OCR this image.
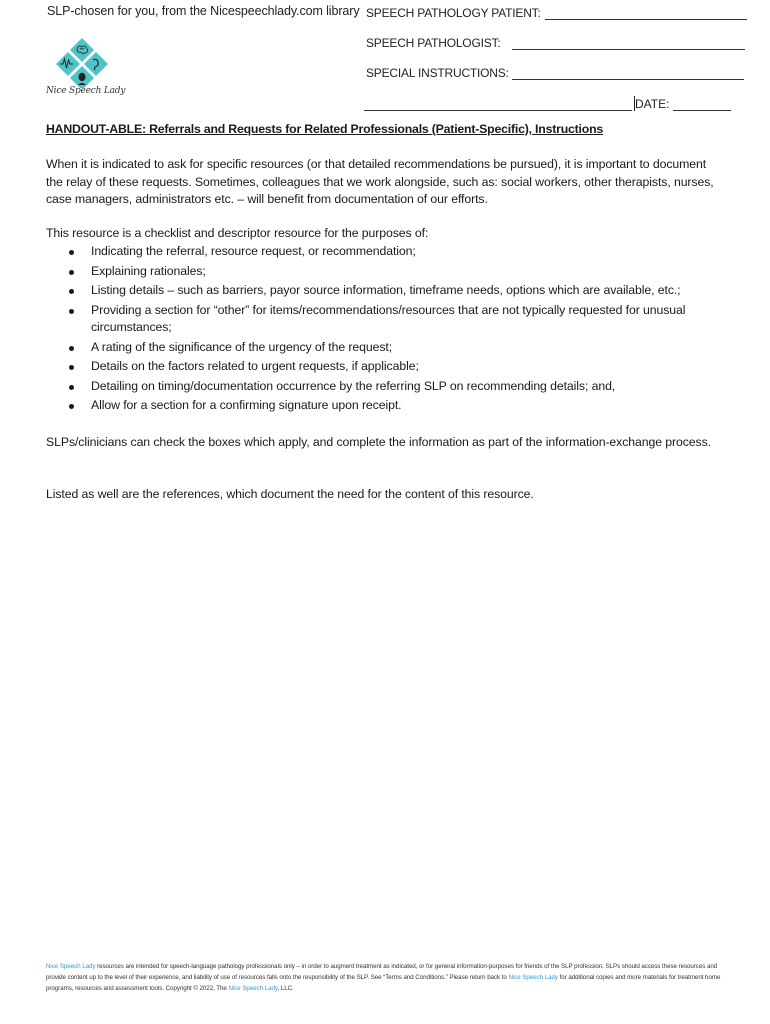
SLP-chosen for you, from the Nicespeechlady.com library
Nice Speech Lady
SPEECH PATHOLOGY PATIENT:
SPEECH PATHOLOGIST:
SPECIAL INSTRUCTIONS:
DATE:
HANDOUT-ABLE: Referrals and Requests for Related Professionals (Patient-Specific), Instructions
When it is indicated to ask for specific resources (or that detailed recommendations be pursued), it is important to document the relay of these requests. Sometimes, colleagues that we work alongside, such as: social workers, other therapists, nurses, case managers, administrators etc. – will benefit from documentation of our efforts.
This resource is a checklist and descriptor resource for the purposes of:
Indicating the referral, resource request, or recommendation;
Explaining rationales;
Listing details – such as barriers, payor source information, timeframe needs, options which are available, etc.;
Providing a section for “other” for items/recommendations/resources that are not typically requested for unusual circumstances;
A rating of the significance of the urgency of the request;
Details on the factors related to urgent requests, if applicable;
Detailing on timing/documentation occurrence by the referring SLP on recommending details; and,
Allow for a section for a confirming signature upon receipt.
SLPs/clinicians can check the boxes which apply, and complete the information as part of the information-exchange process.
Listed as well are the references, which document the need for the content of this resource.
Nice Speech Lady resources are intended for speech-language pathology professionals only – in order to augment treatment as indicated, or for general information-purposes for friends of the SLP profession. SLPs should access these resources and provide content up to the level of their experience, and liability of use of resources falls onto the responsibility of the SLP. See “Terms and Conditions.” Please return back to Nice Speech Lady for additional copies and more materials for treatment home programs, resources and assessment tools. Copyright © 2022, The Nice Speech Lady, LLC.
